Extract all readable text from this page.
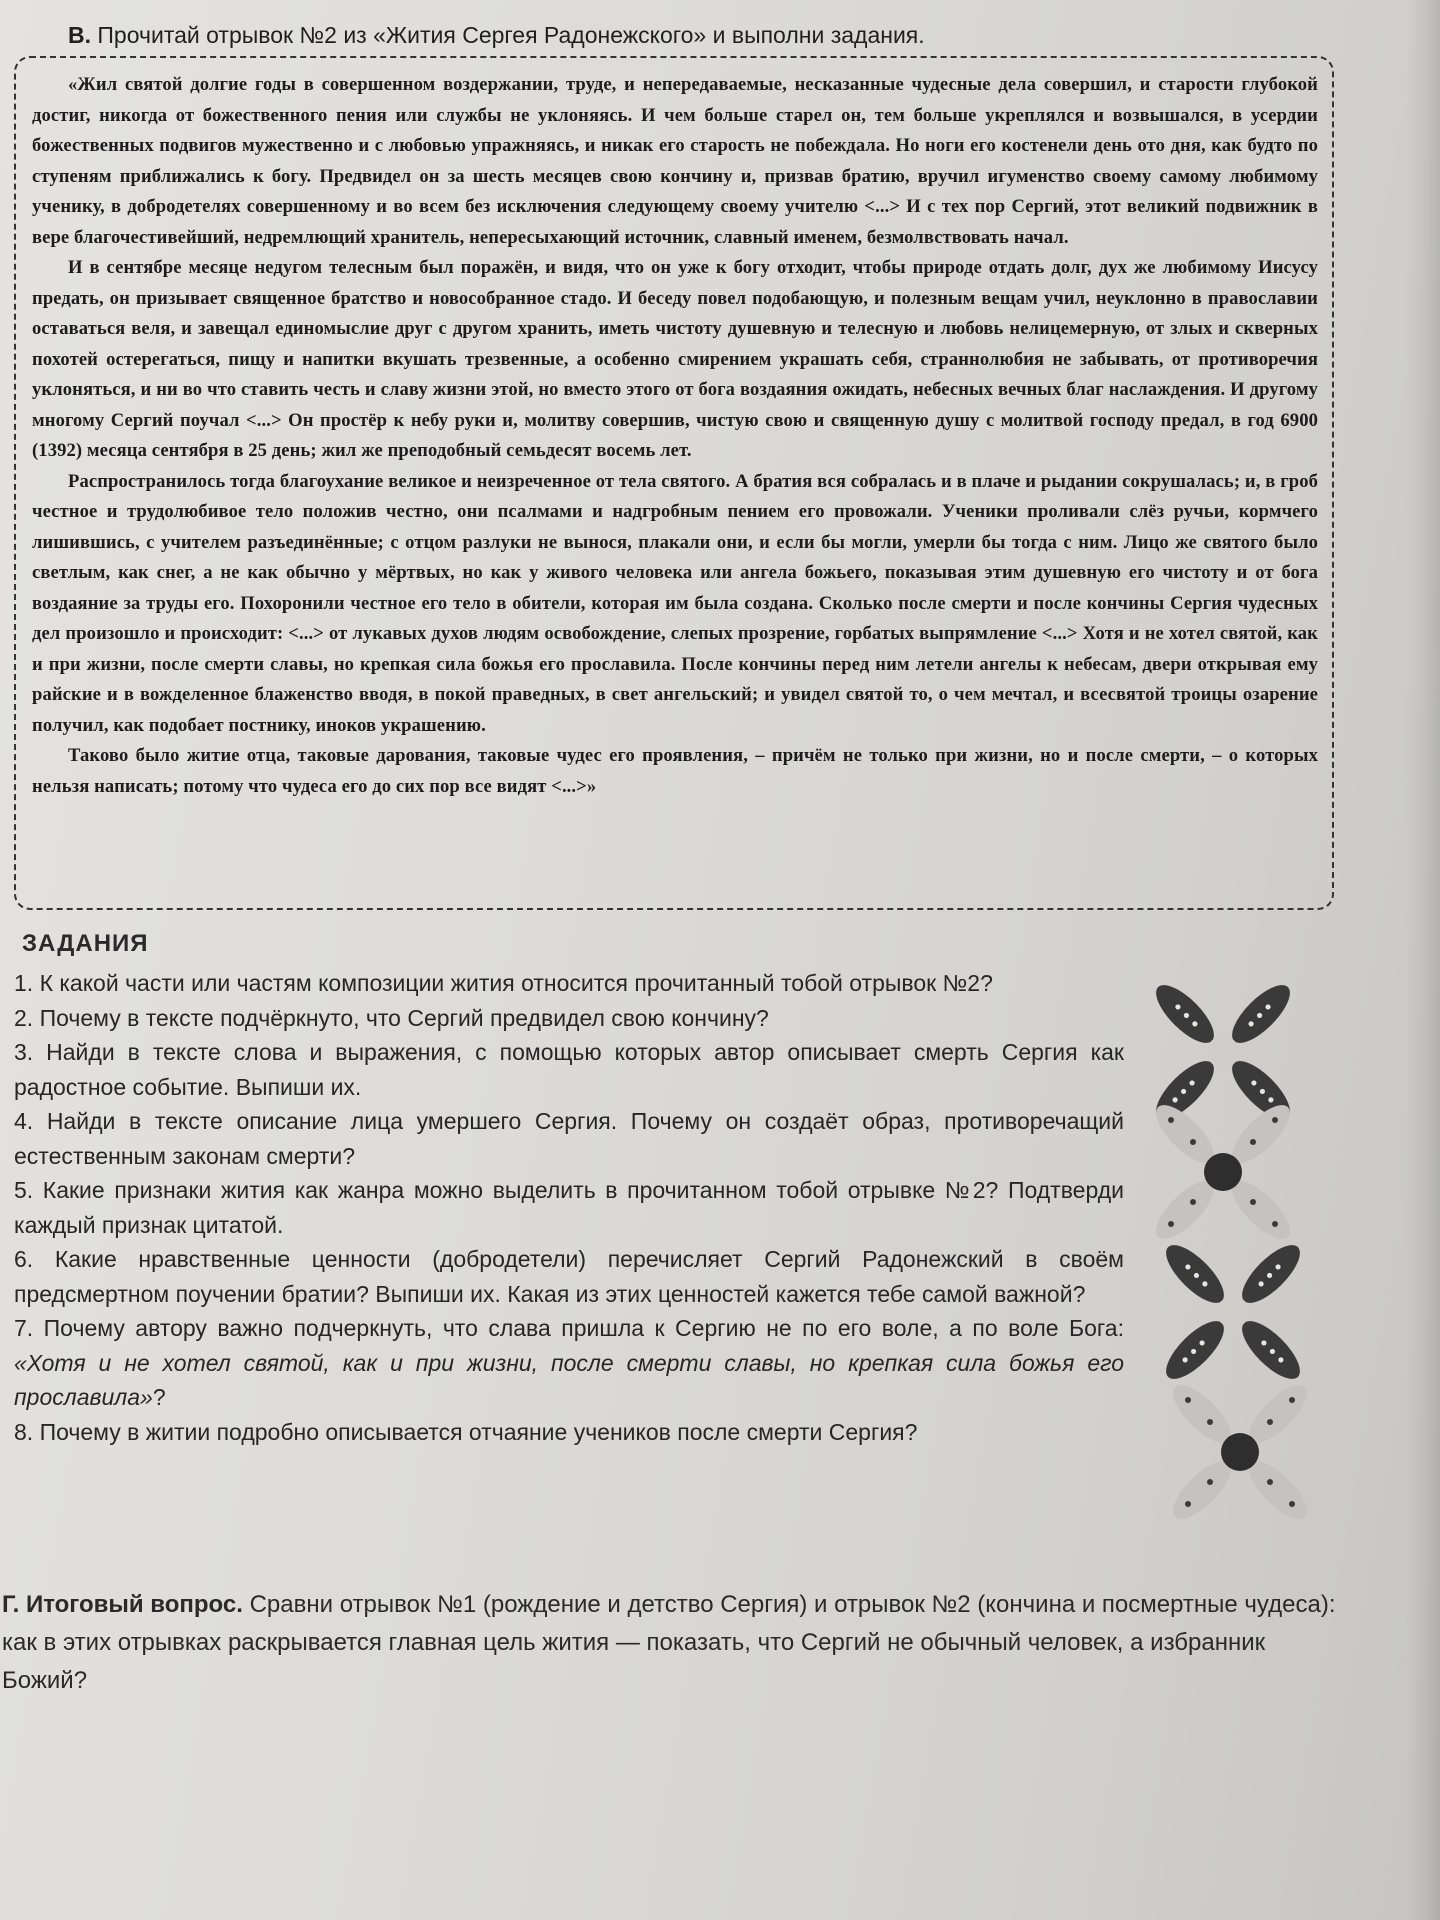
В. Прочитай отрывок №2 из «Жития Сергея Радонежского» и выполни задания.

«Жил святой долгие годы в совершенном воздержании, труде, и непередаваемые, несказанные чудесные дела совершил, и старости глубокой достиг, никогда от божественного пения или службы не уклоняясь. И чем больше старел он, тем больше укреплялся и возвышался, в усердии божественных подвигов мужественно и с любовью упражняясь, и никак его старость не побеждала. Но ноги его костенели день ото дня, как будто по ступеням приближались к богу. Предвидел он за шесть месяцев свою кончину и, призвав братию, вручил игуменство своему самому любимому ученику, в добродетелях совершенному и во всем без исключения следующему своему учителю <...> И с тех пор Сергий, этот великий подвижник в вере благочестивейший, недремлющий хранитель, непересыхающий источник, славный именем, безмолвствовать начал.

И в сентябре месяце недугом телесным был поражён, и видя, что он уже к богу отходит, чтобы природе отдать долг, дух же любимому Иисусу предать, он призывает священное братство и новособранное стадо. И беседу повел подобающую, и полезным вещам учил, неуклонно в православии оставаться веля, и завещал единомыслие друг с другом хранить, иметь чистоту душевную и телесную и любовь нелицемерную, от злых и скверных похотей остерегаться, пищу и напитки вкушать трезвенные, а особенно смирением украшать себя, страннолюбия не забывать, от противоречия уклоняться, и ни во что ставить честь и славу жизни этой, но вместо этого от бога воздаяния ожидать, небесных вечных благ наслаждения. И другому многому Сергий поучал <...> Он простёр к небу руки и, молитву совершив, чистую свою и священную душу с молитвой господу предал, в год 6900 (1392) месяца сентября в 25 день; жил же преподобный семьдесят восемь лет.

Распространилось тогда благоухание великое и неизреченное от тела святого. А братия вся собралась и в плаче и рыдании сокрушалась; и, в гроб честное и трудолюбивое тело положив честно, они псалмами и надгробным пением его провожали. Ученики проливали слёз ручьи, кормчего лишившись, с учителем разъединённые; с отцом разлуки не вынося, плакали они, и если бы могли, умерли бы тогда с ним. Лицо же святого было светлым, как снег, а не как обычно у мёртвых, но как у живого человека или ангела божьего, показывая этим душевную его чистоту и от бога воздаяние за труды его. Похоронили честное его тело в обители, которая им была создана. Сколько после смерти и после кончины Сергия чудесных дел произошло и происходит: <...> от лукавых духов людям освобождение, слепых прозрение, горбатых выпрямление <...> Хотя и не хотел святой, как и при жизни, после смерти славы, но крепкая сила божья его прославила. После кончины перед ним летели ангелы к небесам, двери открывая ему райские и в вожделенное блаженство вводя, в покой праведных, в свет ангельский; и увидел святой то, о чем мечтал, и всесвятой троицы озарение получил, как подобает постнику, иноков украшению.

Таково было житие отца, таковые дарования, таковые чудес его проявления, – причём не только при жизни, но и после смерти, – о которых нельзя написать; потому что чудеса его до сих пор все видят <...>»

ЗАДАНИЯ
1. К какой части или частям композиции жития относится прочитанный тобой отрывок №2?
2. Почему в тексте подчёркнуто, что Сергий предвидел свою кончину?
3. Найди в тексте слова и выражения, с помощью которых автор описывает смерть Сергия как радостное событие. Выпиши их.
4. Найди в тексте описание лица умершего Сергия. Почему он создаёт образ, противоречащий естественным законам смерти?
5. Какие признаки жития как жанра можно выделить в прочитанном тобой отрывке №2? Подтверди каждый признак цитатой.
6. Какие нравственные ценности (добродетели) перечисляет Сергий Радонежский в своём предсмертном поучении братии? Выпиши их. Какая из этих ценностей кажется тебе самой важной?
7. Почему автору важно подчеркнуть, что слава пришла к Сергию не по его воле, а по воле Бога: «Хотя и не хотел святой, как и при жизни, после смерти славы, но крепкая сила божья его прославила»?
8. Почему в житии подробно описывается отчаяние учеников после смерти Сергия?
Г. Итоговый вопрос. Сравни отрывок №1 (рождение и детство Сергия) и отрывок №2 (кончина и посмертные чудеса): как в этих отрывках раскрывается главная цель жития — показать, что Сергий не обычный человек, а избранник Божий?
